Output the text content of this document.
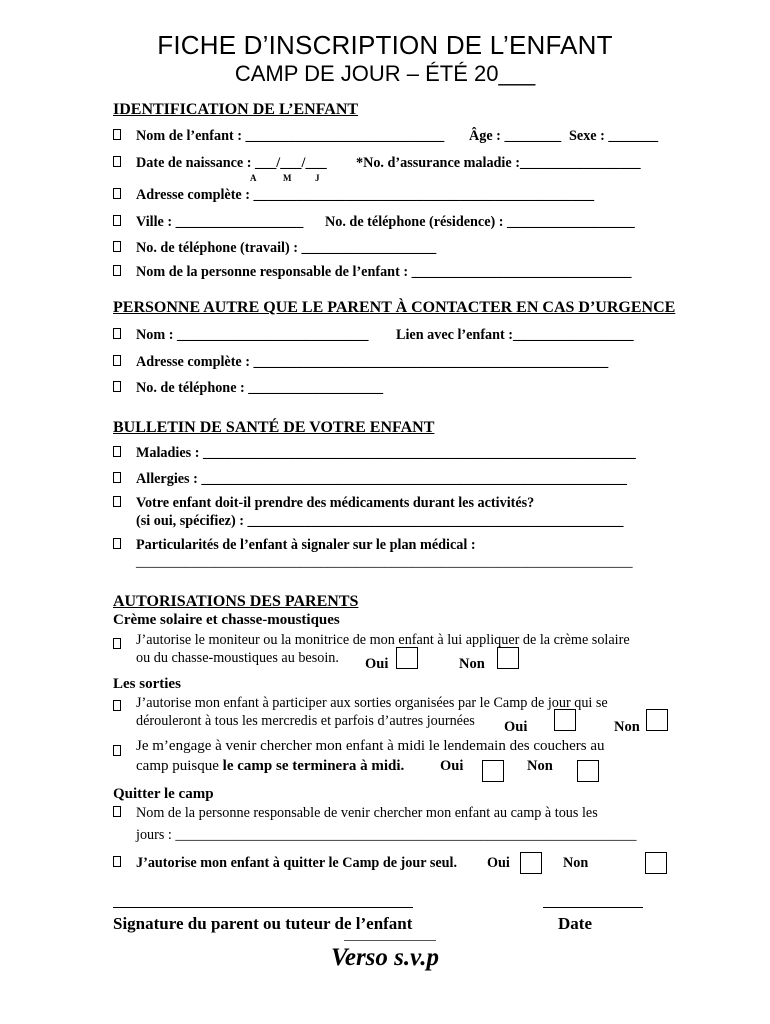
FICHE D’INSCRIPTION DE L’ENFANT
CAMP DE JOUR – ÉTÉ 20___
IDENTIFICATION DE L’ENFANT
Nom de l’enfant : ____________________________ Âge : ________ Sexe : _______
Date de naissance : ___/___/___ *No. d’assurance maladie :_________________
A	M	J
Adresse complète : ________________________________________________
Ville : __________________ No. de téléphone (résidence) : __________________
No. de téléphone (travail) : ___________________
Nom de la personne responsable de l’enfant : _______________________________
PERSONNE AUTRE QUE LE PARENT À CONTACTER EN CAS D’URGENCE
Nom : ___________________________ Lien avec l’enfant :_________________
Adresse complète : __________________________________________________
No. de téléphone : ___________________
BULLETIN DE SANTÉ DE VOTRE ENFANT
Maladies : _____________________________________________________________
Allergies : ____________________________________________________________
Votre enfant doit-il prendre des médicaments durant les activités?
(si oui, spécifiez) : _____________________________________________________
Particularités de l’enfant à signaler sur le plan médical :
______________________________________________________________________
AUTORISATIONS DES PARENTS
Crème solaire et chasse-moustiques
J’autorise le moniteur ou la monitrice de mon enfant à lui appliquer de la crème solaire
ou du chasse-moustiques au besoin. Oui	Non
Les sorties
J’autorise mon enfant à participer aux sorties organisées par le Camp de jour qui se
dérouleront à tous les mercredis et parfois d’autres journées Oui	Non
Je m’engage à venir chercher mon enfant à midi le lendemain des couchers au
camp puisque le camp se terminera à midi. Oui	Non
Quitter le camp
Nom de la personne responsable de venir chercher mon enfant au camp à tous les
jours : _________________________________________________________________
J’autorise mon enfant à quitter le Camp de jour seul. Oui	Non
Signature du parent ou tuteur de l’enfant	Date
Verso s.v.p
